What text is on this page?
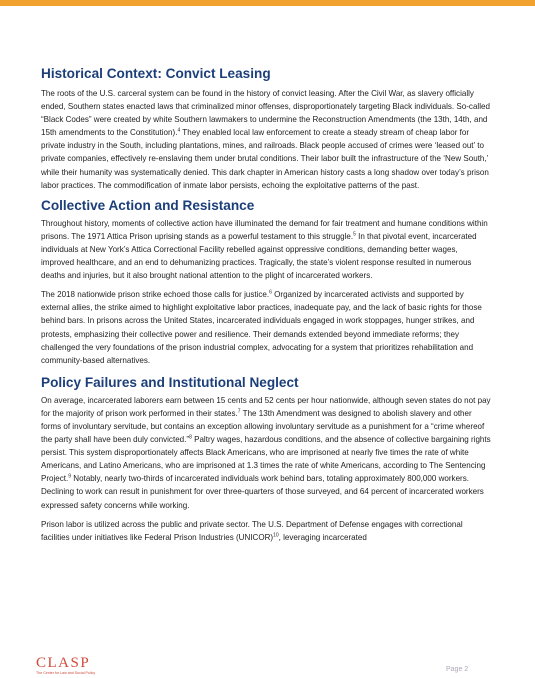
Historical Context: Convict Leasing

The roots of the U.S. carceral system can be found in the history of convict leasing. After the Civil War, as slavery officially ended, Southern states enacted laws that criminalized minor offenses, disproportionately targeting Black individuals. So-called “Black Codes” were created by white Southern lawmakers to undermine the Reconstruction Amendments (the 13th, 14th, and 15th amendments to the Constitution).$^4$ They enabled local law enforcement to create a steady stream of cheap labor for private industry in the South, including plantations, mines, and railroads. Black people accused of crimes were ‘leased out’ to private companies, effectively re-enslaving them under brutal conditions. Their labor built the infrastructure of the ‘New South,’ while their humanity was systematically denied. This dark chapter in American history casts a long shadow over today’s prison labor practices. The commodification of inmate labor persists, echoing the exploitative patterns of the past.

Collective Action and Resistance

Throughout history, moments of collective action have illuminated the demand for fair treatment and humane conditions within prisons. The 1971 Attica Prison uprising stands as a powerful testament to this struggle.$^5$ In that pivotal event, incarcerated individuals at New York’s Attica Correctional Facility rebelled against oppressive conditions, demanding better wages, improved healthcare, and an end to dehumanizing practices. Tragically, the state’s violent response resulted in numerous deaths and injuries, but it also brought national attention to the plight of incarcerated workers.

The 2018 nationwide prison strike echoed those calls for justice.$^6$ Organized by incarcerated activists and supported by external allies, the strike aimed to highlight exploitative labor practices, inadequate pay, and the lack of basic rights for those behind bars. In prisons across the United States, incarcerated individuals engaged in work stoppages, hunger strikes, and protests, emphasizing their collective power and resilience. Their demands extended beyond immediate reforms; they challenged the very foundations of the prison industrial complex, advocating for a system that prioritizes rehabilitation and community-based alternatives.

Policy Failures and Institutional Neglect

On average, incarcerated laborers earn between 15 cents and 52 cents per hour nationwide, although seven states do not pay for the majority of prison work performed in their states.$^7$ The 13th Amendment was designed to abolish slavery and other forms of involuntary servitude, but contains an exception allowing involuntary servitude as a punishment for a “crime whereof the party shall have been duly convicted.”$^8$ Paltry wages, hazardous conditions, and the absence of collective bargaining rights persist. This system disproportionately affects Black Americans, who are imprisoned at nearly five times the rate of white Americans, and Latino Americans, who are imprisoned at 1.3 times the rate of white Americans, according to The Sentencing Project.$^9$ Notably, nearly two-thirds of incarcerated individuals work behind bars, totaling approximately 800,000 workers. Declining to work can result in punishment for over three-quarters of those surveyed, and 64 percent of incarcerated workers expressed safety concerns while working.

Prison labor is utilized across the public and private sector. The U.S. Department of Defense engages with correctional facilities under initiatives like Federal Prison Industries (UNICOR)$^{10}$, leveraging incarcerated

CLASP
The Center for Law and Social Policy	Page 2
